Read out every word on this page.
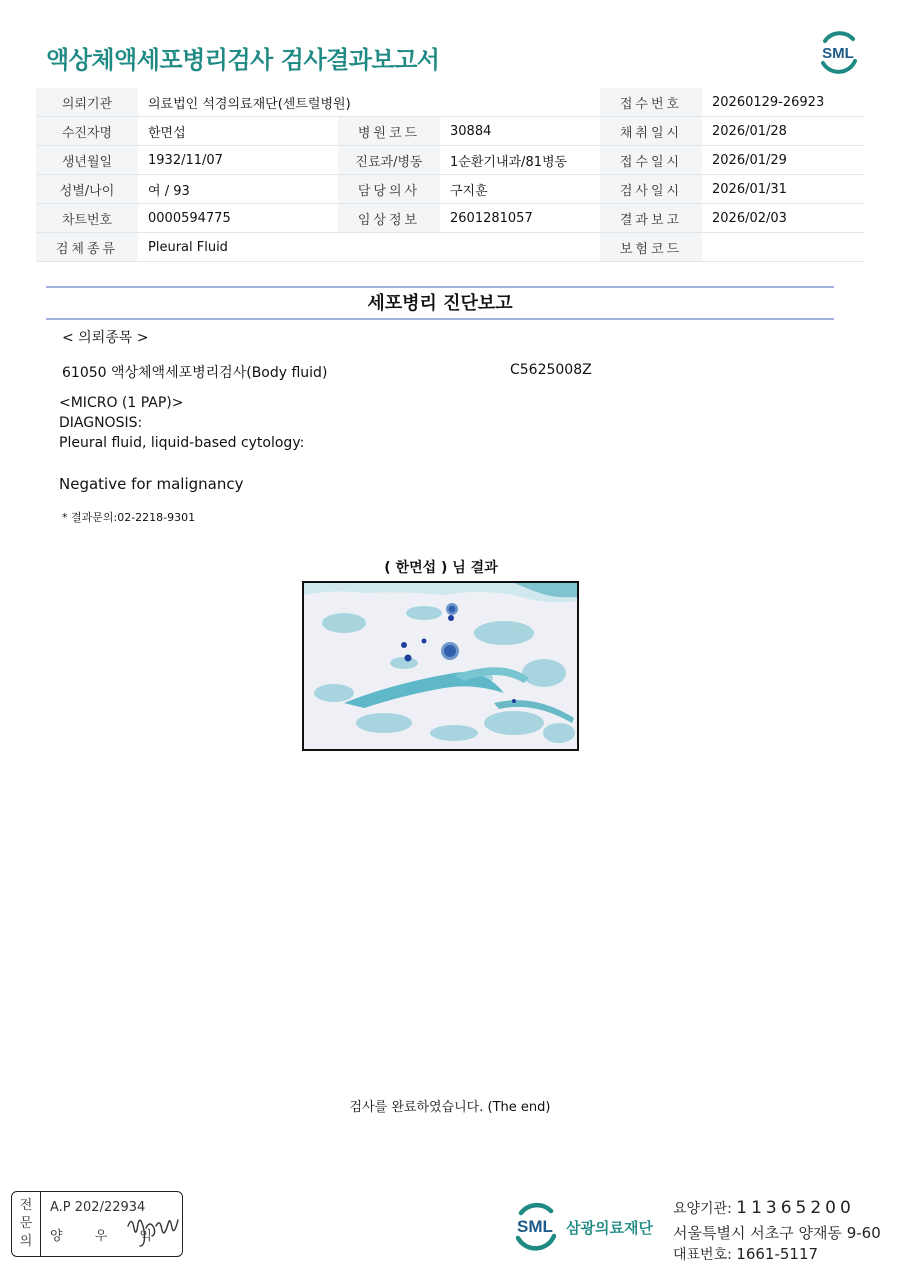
액상체액세포병리검사 검사결과보고서	SML
의뢰기관	의료법인 석경의료재단(센트럴병원)			접수번호	20260129-26923
수진자명	한면섭	병원코드	30884	채취일시	2026/01/28
생년월일	1932/11/07	진료과/병동	1순환기내과/81병동	접수일시	2026/01/29
성별/나이	여 / 93	담당의사	구지훈	검사일시	2026/01/31
차트번호	0000594775	임상정보	2601281057	결과보고	2026/02/03
검체종류	Pleural Fluid			보험코드	
세포병리 진단보고
< 의뢰종목 >
61050 액상체액세포병리검사(Body fluid)	C5625008Z
<MICRO (1 PAP)>
DIAGNOSIS:
Pleural fluid, liquid-based cytology:
Negative for malignancy
* 결과문의:02-2218-9301
( 한면섭 ) 님 결과
검사를 완료하였습니다. (The end)
전
문
의
A.P 202/22934
양 우 익
SML 삼광의료재단
요양기관: 11365200
서울특별시 서초구 양재동 9-60
대표번호: 1661-5117
